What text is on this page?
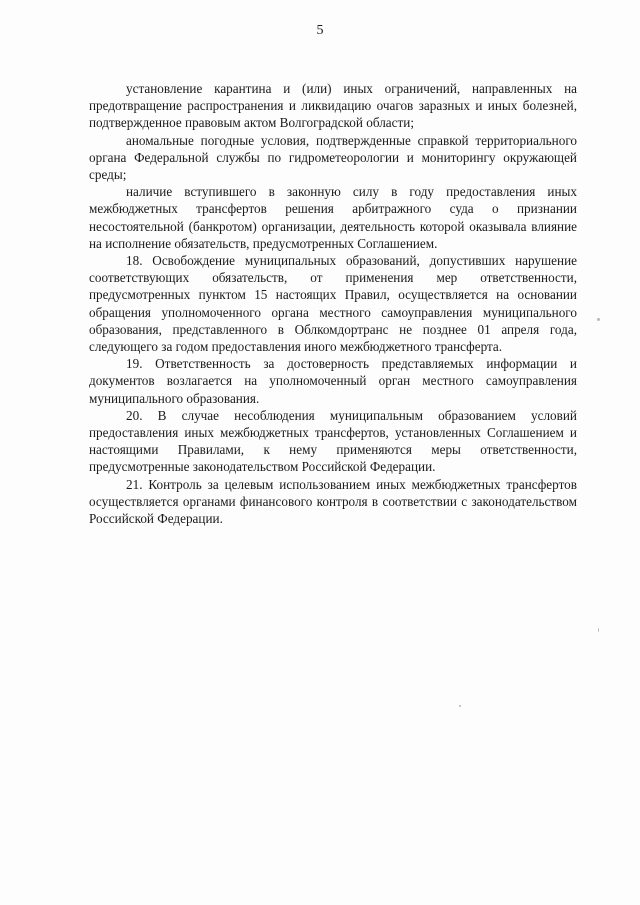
5

установление карантина и (или) иных ограничений, направленных на предотвращение распространения и ликвидацию очагов заразных и иных болезней, подтвержденное правовым актом Волгоградской области;

аномальные погодные условия, подтвержденные справкой территориального органа Федеральной службы по гидрометеорологии и мониторингу окружающей среды;

наличие вступившего в законную силу в году предоставления иных межбюджетных трансфертов решения арбитражного суда о признании несостоятельной (банкротом) организации, деятельность которой оказывала влияние на исполнение обязательств, предусмотренных Соглашением.

18. Освобождение муниципальных образований, допустивших нарушение соответствующих обязательств, от применения мер ответственности, предусмотренных пунктом 15 настоящих Правил, осуществляется на основании обращения уполномоченного органа местного самоуправления муниципального образования, представленного в Облкомдортранс не позднее 01 апреля года, следующего за годом предоставления иного межбюджетного трансферта.

19. Ответственность за достоверность представляемых информации и документов возлагается на уполномоченный орган местного самоуправления муниципального образования.

20. В случае несоблюдения муниципальным образованием условий предоставления иных межбюджетных трансфертов, установленных Соглашением и настоящими Правилами, к нему применяются меры ответственности, предусмотренные законодательством Российской Федерации.

21. Контроль за целевым использованием иных межбюджетных трансфертов осуществляется органами финансового контроля в соответствии с законодательством Российской Федерации.
